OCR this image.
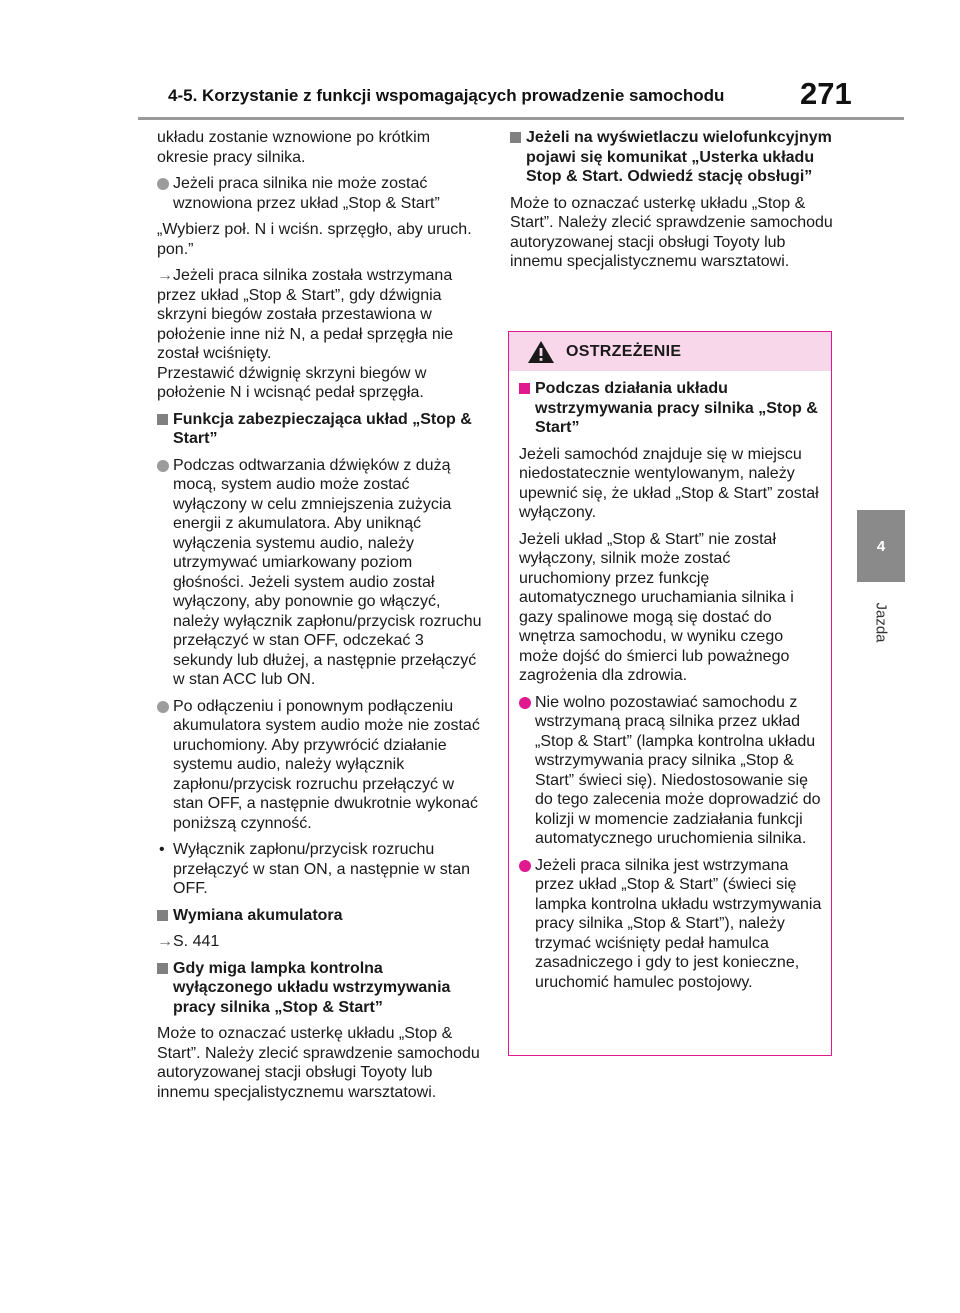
4-5. Korzystanie z funkcji wspomagających prowadzenie samochodu 271
4
Jazda

układu zostanie wznowione po krótkim okresie pracy silnika.

Jeżeli praca silnika nie może zostać wznowiona przez układ „Stop & Start”

„Wybierz poł. N i wciśn. sprzęgło, aby uruch. pon.”

→Jeżeli praca silnika została wstrzymana przez układ „Stop & Start”, gdy dźwignia skrzyni biegów została przestawiona w położenie inne niż N, a pedał sprzęgła nie został wciśnięty.

Przestawić dźwignię skrzyni biegów w położenie N i wcisnąć pedał sprzęgła.

Funkcja zabezpieczająca układ „Stop & Start”
Podczas odtwarzania dźwięków z dużą mocą, system audio może zostać wyłączony w celu zmniejszenia zużycia energii z akumulatora. Aby uniknąć wyłączenia systemu audio, należy utrzymywać umiarkowany poziom głośności. Jeżeli system audio został wyłączony, aby ponownie go włączyć, należy wyłącznik zapłonu/przycisk rozruchu przełączyć w stan OFF, odczekać 3 sekundy lub dłużej, a następnie przełączyć w stan ACC lub ON.
Po odłączeniu i ponownym podłączeniu akumulatora system audio może nie zostać uruchomiony. Aby przywrócić działanie systemu audio, należy wyłącznik zapłonu/przycisk rozruchu przełączyć w stan OFF, a następnie dwukrotnie wykonać poniższą czynność.
• Wyłącznik zapłonu/przycisk rozruchu przełączyć w stan ON, a następnie w stan OFF.
Wymiana akumulatora

→S. 441

Gdy miga lampka kontrolna wyłączonego układu wstrzymywania pracy silnika „Stop & Start”

Może to oznaczać usterkę układu „Stop & Start”. Należy zlecić sprawdzenie samochodu autoryzowanej stacji obsługi Toyoty lub innemu specjalistycznemu warsztatowi.

Jeżeli na wyświetlaczu wielofunkcyjnym pojawi się komunikat „Usterka układu Stop & Start. Odwiedź stację obsługi”

Może to oznaczać usterkę układu „Stop & Start”. Należy zlecić sprawdzenie samochodu autoryzowanej stacji obsługi Toyoty lub innemu specjalistycznemu warsztatowi.

OSTRZEŻENIE
Podczas działania układu wstrzymywania pracy silnika „Stop & Start”

Jeżeli samochód znajduje się w miejscu niedostatecznie wentylowanym, należy upewnić się, że układ „Stop & Start” został wyłączony.

Jeżeli układ „Stop & Start” nie został wyłączony, silnik może zostać uruchomiony przez funkcję automatycznego uruchamiania silnika i gazy spalinowe mogą się dostać do wnętrza samochodu, w wyniku czego może dojść do śmierci lub poważnego zagrożenia dla zdrowia.

Nie wolno pozostawiać samochodu z wstrzymaną pracą silnika przez układ „Stop & Start” (lampka kontrolna układu wstrzymywania pracy silnika „Stop & Start” świeci się). Niedostosowanie się do tego zalecenia może doprowadzić do kolizji w momencie zadziałania funkcji automatycznego uruchomienia silnika.
Jeżeli praca silnika jest wstrzymana przez układ „Stop & Start” (świeci się lampka kontrolna układu wstrzymywania pracy silnika „Stop & Start”), należy trzymać wciśnięty pedał hamulca zasadniczego i gdy to jest konieczne, uruchomić hamulec postojowy.
